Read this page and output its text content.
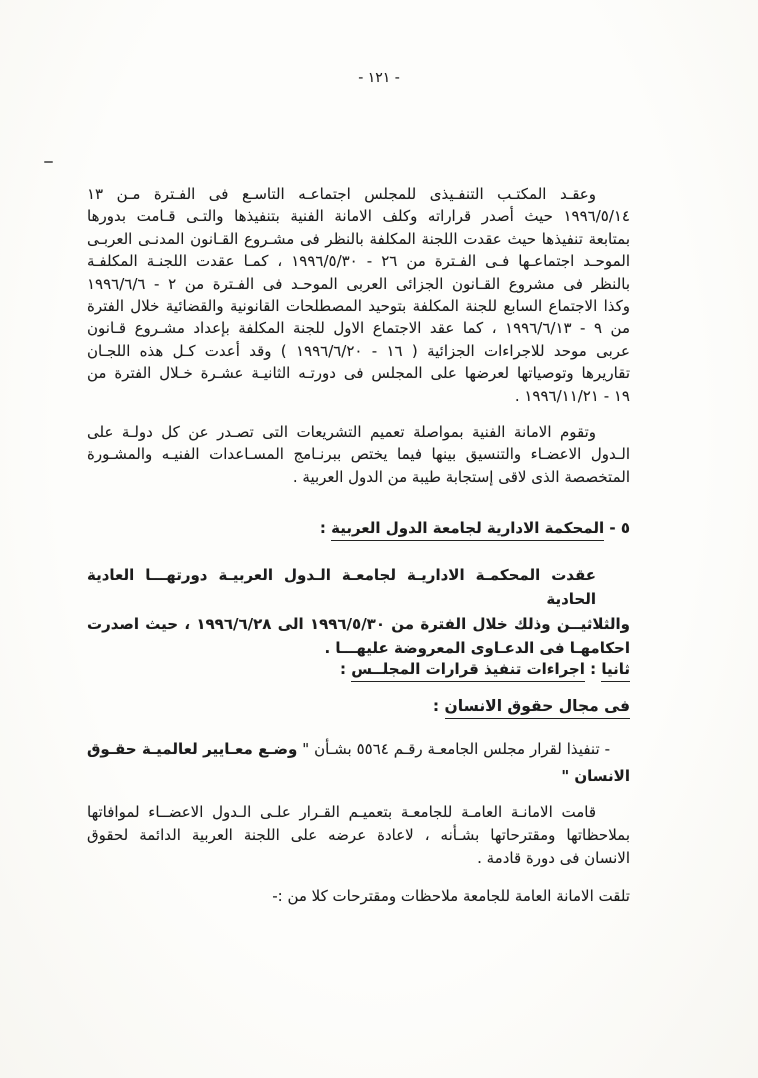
- ١٢١ -
وعقـد المكتـب التنفـيذى للمجلس اجتماعـه التاسـع فى الفـترة مـن ١٣
١٩٩٦/٥/١٤ حيث أصدر قراراته وكلف الامانة الفنية بتنفيذها والتـى قـامت بدورها
بمتابعة تنفيذها حيث عقدت اللجنة المكلفة بالنظر فى مشـروع القـانون المدنـى العربـى
الموحـد اجتماعـها فـى الفـترة من ٢٦ - ١٩٩٦/٥/٣٠ ، كمـا عقدت اللجنـة المكلفـة
بالنظر فى مشروع القـانون الجزائى العربى الموحـد فى الفـترة من ٢ - ١٩٩٦/٦/٦
وكذا الاجتماع السابع للجنة المكلفة بتوحيد المصطلحات القانونية والقضائية خلال الفترة
من ٩ - ١٩٩٦/٦/١٣ ، كما عقد الاجتماع الاول للجنة المكلفة بإعداد مشـروع قـانون
عربى موحد للاجراءات الجزائية ( ١٦ - ١٩٩٦/٦/٢٠ ) وقد أعدت كـل هذه اللجـان
تقاريرها وتوصياتها لعرضها على المجلس فى دورتـه الثانيـة عشـرة خـلال الفترة من
١٩ - ١٩٩٦/١١/٢١ .
وتقوم الامانة الفنية بمواصلة تعميم التشريعات التى تصـدر عن كل دولـة على
الـدول الاعضـاء والتنسيق بينها فيما يختص ببرنـامج المسـاعدات الفنيـه والمشـورة
المتخصصة الذى لاقى إستجابة طيبة من الدول العربية .
٥ - المحكمة الادارية لجامعة الدول العربية :
عقدت المحكمـة الاداريـة لجامعـة الـدول العربيـة دورتهـــا العادية الحادية
والثلاثيــن وذلك خلال الفترة من ١٩٩٦/٥/٣٠ الى ١٩٩٦/٦/٢٨ ، حيث اصدرت
احكامهـا فى الدعـاوى المعروضة عليهـــا .
ثانيا : اجراءات تنفيذ قرارات المجلــس :
فى مجال حقوق الانسان :
- تنفيذا لقرار مجلس الجامعـة رقـم ٥٥٦٤ بشـأن " وضـع معـايير لعالميـة حقـوق
الانسان "
قامت الامانـة العامـة للجامعـة بتعميـم القـرار علـى الـدول الاعضــاء لموافاتها
بملاحظاتها ومقترحاتها بشـأنه ، لاعادة عرضه على اللجنة العربية الدائمة لحقوق
الانسان فى دورة قادمة .
تلقت الامانة العامة للجامعة ملاحظات ومقترحات كلا من :-
